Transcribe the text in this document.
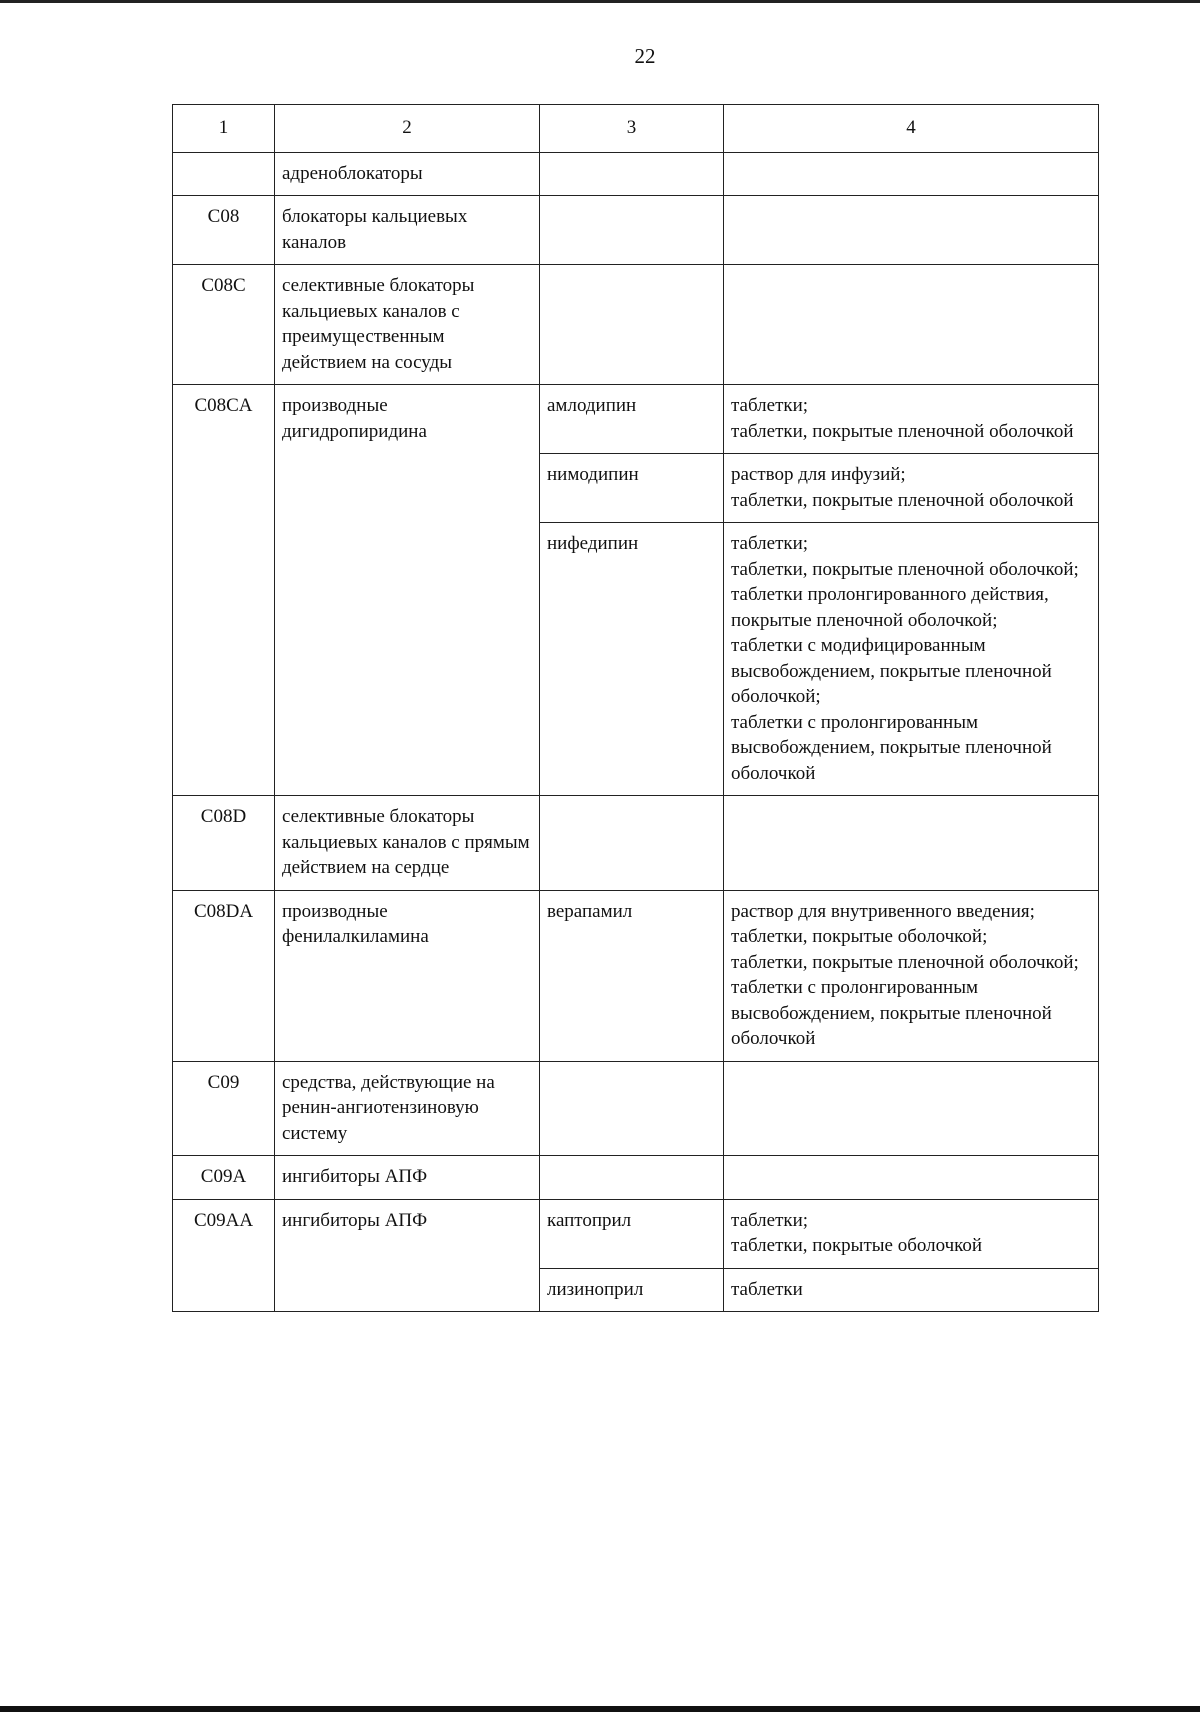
22
1	2	3	4
	адреноблокаторы		
C08	блокаторы кальциевых каналов		
C08C	селективные блокаторы кальциевых каналов с преимущественным действием на сосуды		
C08CA	производные дигидропиридина	амлодипин	таблетки;
таблетки, покрытые пленочной оболочкой

		нимодипин	раствор для инфузий;
таблетки, покрытые пленочной оболочкой

		нифедипин	таблетки;
таблетки, покрытые пленочной оболочкой;
таблетки пролонгированного действия, покрытые пленочной оболочкой;
таблетки с модифицированным высвобождением, покрытые пленочной оболочкой;
таблетки с пролонгированным высвобождением, покрытые пленочной оболочкой

C08D	селективные блокаторы кальциевых каналов с прямым действием на сердце		
C08DA	производные фенилалкиламина	верапамил	раствор для внутривенного введения;
таблетки, покрытые оболочкой;
таблетки, покрытые пленочной оболочкой;
таблетки с пролонгированным высвобождением, покрытые пленочной оболочкой

C09	средства, действующие на ренин-ангиотензиновую систему		
C09A	ингибиторы АПФ		
C09AA	ингибиторы АПФ	каптоприл	таблетки;
таблетки, покрытые оболочкой

		лизиноприл	таблетки
